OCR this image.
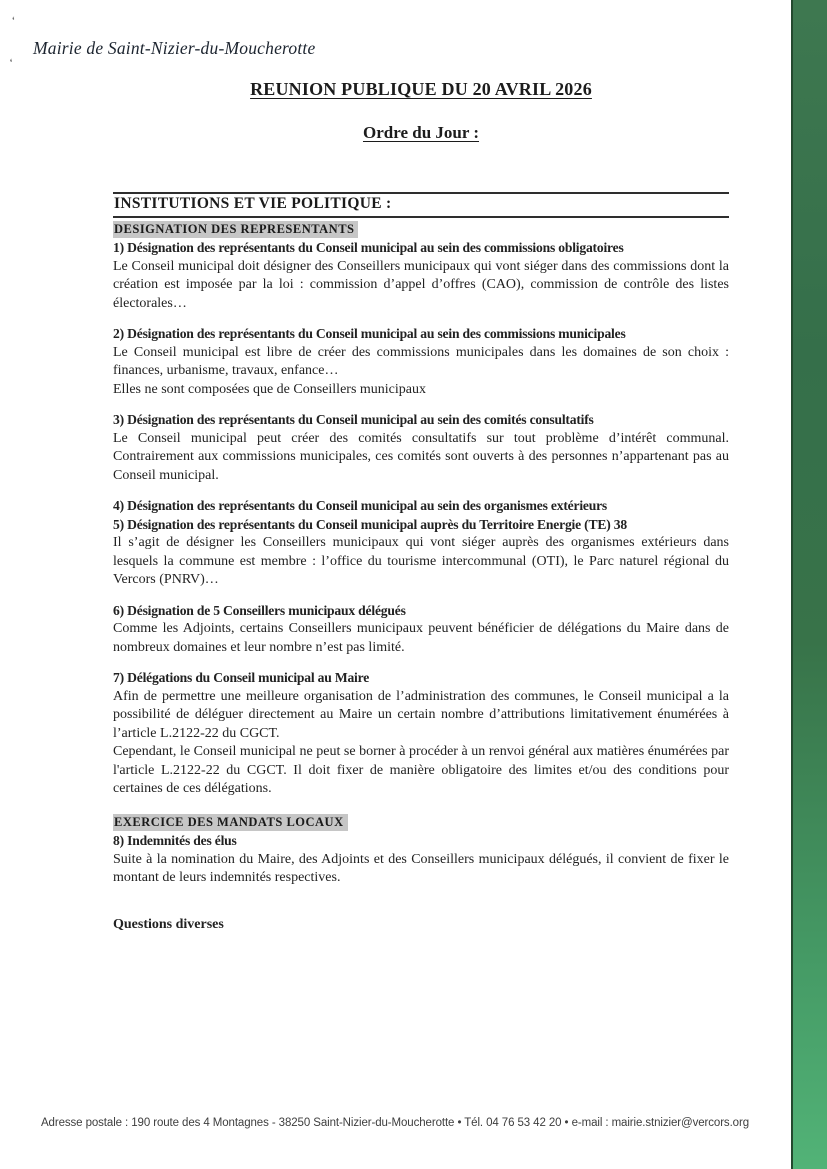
‘
‘
Mairie de Saint-Nizier-du-Moucherotte
REUNION PUBLIQUE DU 20 AVRIL 2026
Ordre du Jour :
INSTITUTIONS ET VIE POLITIQUE :
DESIGNATION DES REPRESENTANTS

1) Désignation des représentants du Conseil municipal au sein des commissions obligatoires

Le Conseil municipal doit désigner des Conseillers municipaux qui vont siéger dans des commissions dont la création est imposée par la loi : commission d’appel d’offres (CAO), commission de contrôle des listes électorales…

2) Désignation des représentants du Conseil municipal au sein des commissions municipales

Le Conseil municipal est libre de créer des commissions municipales dans les domaines de son choix : finances, urbanisme, travaux, enfance…

Elles ne sont composées que de Conseillers municipaux

3) Désignation des représentants du Conseil municipal au sein des comités consultatifs

Le Conseil municipal peut créer des comités consultatifs sur tout problème d’intérêt communal. Contrairement aux commissions municipales, ces comités sont ouverts à des personnes n’appartenant pas au Conseil municipal.

4) Désignation des représentants du Conseil municipal au sein des organismes extérieurs

5) Désignation des représentants du Conseil municipal auprès du Territoire Energie (TE) 38

Il s’agit de désigner les Conseillers municipaux qui vont siéger auprès des organismes extérieurs dans lesquels la commune est membre : l’office du tourisme intercommunal (OTI), le Parc naturel régional du Vercors (PNRV)…

6) Désignation de 5 Conseillers municipaux délégués

Comme les Adjoints, certains Conseillers municipaux peuvent bénéficier de délégations du Maire dans de nombreux domaines et leur nombre n’est pas limité.

7) Délégations du Conseil municipal au Maire

Afin de permettre une meilleure organisation de l’administration des communes, le Conseil municipal a la possibilité de déléguer directement au Maire un certain nombre d’attributions limitativement énumérées à l’article L.2122-22 du CGCT.

Cependant, le Conseil municipal ne peut se borner à procéder à un renvoi général aux matières énumérées par l'article L.2122-22 du CGCT. Il doit fixer de manière obligatoire des limites et/ou des conditions pour certaines de ces délégations.

EXERCICE DES MANDATS LOCAUX

8) Indemnités des élus

Suite à la nomination du Maire, des Adjoints et des Conseillers municipaux délégués, il convient de fixer le montant de leurs indemnités respectives.

Questions diverses

Adresse postale : 190 route des 4 Montagnes - 38250 Saint-Nizier-du-Moucherotte • Tél. 04 76 53 42 20 • e-mail : mairie.stnizier@vercors.org
